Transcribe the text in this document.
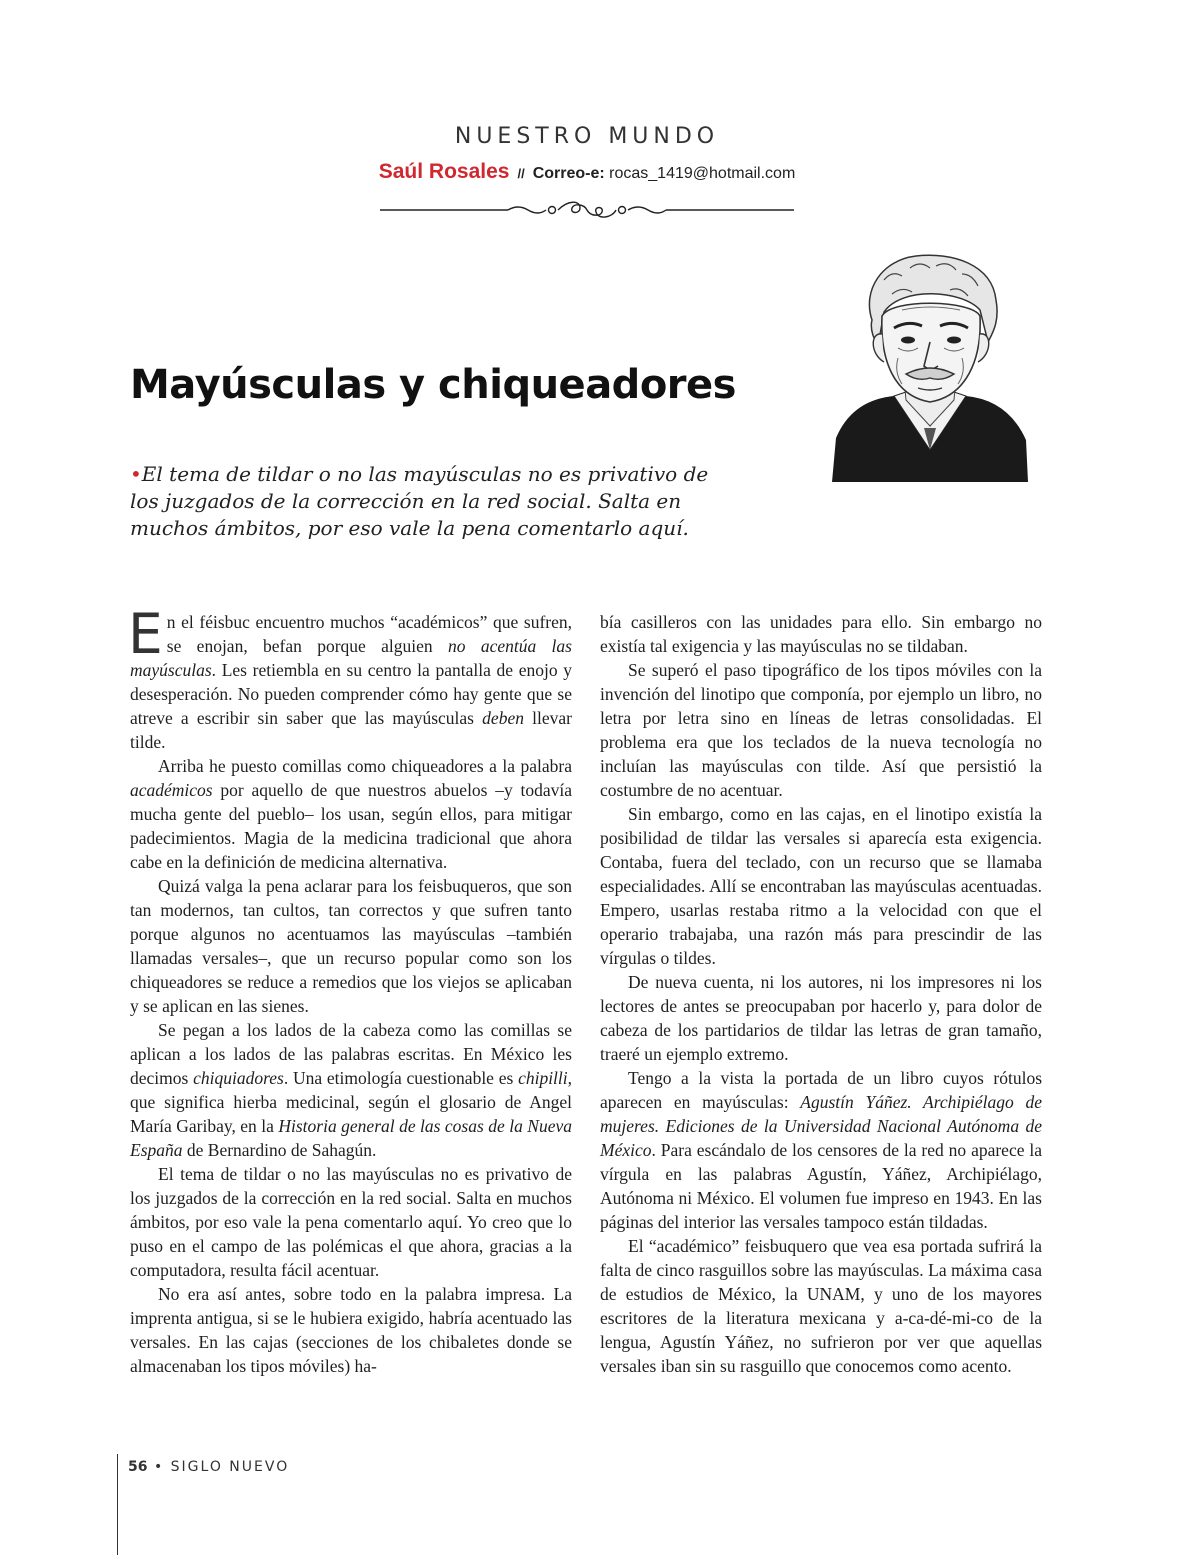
NUESTRO MUNDO
Saúl Rosales // Correo-e: rocas_1419@hotmail.com
Mayúsculas y chiqueadores

•El tema de tildar o no las mayúsculas no es privativo de los juzgados de la corrección en la red social. Salta en muchos ámbitos, por eso vale la pena comentarlo aquí.

En el féisbuc encuentro muchos “académicos” que sufren, se enojan, befan porque alguien no acentúa las mayúsculas. Les retiembla en su centro la pantalla de enojo y desesperación. No pueden comprender cómo hay gente que se atreve a escribir sin saber que las mayúsculas deben llevar tilde.

Arriba he puesto comillas como chiqueadores a la palabra académicos por aquello de que nuestros abuelos –y todavía mucha gente del pueblo– los usan, según ellos, para mitigar padecimientos. Magia de la medicina tradicional que ahora cabe en la definición de medicina alternativa.

Quizá valga la pena aclarar para los feisbuqueros, que son tan modernos, tan cultos, tan correctos y que sufren tanto porque algunos no acentuamos las mayúsculas –también llamadas versales–, que un recurso popular como son los chiqueadores se reduce a remedios que los viejos se aplicaban y se aplican en las sienes.

Se pegan a los lados de la cabeza como las comillas se aplican a los lados de las palabras escritas. En México les decimos chiquiadores. Una etimología cuestionable es chipilli, que significa hierba medicinal, según el glosario de Angel María Garibay, en la Historia general de las cosas de la Nueva España de Bernardino de Sahagún.

El tema de tildar o no las mayúsculas no es privativo de los juzgados de la corrección en la red social. Salta en muchos ámbitos, por eso vale la pena comentarlo aquí. Yo creo que lo puso en el campo de las polémicas el que ahora, gracias a la computadora, resulta fácil acentuar.

No era así antes, sobre todo en la palabra impresa. La imprenta antigua, si se le hubiera exigido, habría acentuado las versales. En las cajas (secciones de los chibaletes donde se almacenaban los tipos móviles) ha-

bía casilleros con las unidades para ello. Sin embargo no existía tal exigencia y las mayúsculas no se tildaban.

Se superó el paso tipográfico de los tipos móviles con la invención del linotipo que componía, por ejemplo un libro, no letra por letra sino en líneas de letras consolidadas. El problema era que los teclados de la nueva tecnología no incluían las mayúsculas con tilde. Así que persistió la costumbre de no acentuar.

Sin embargo, como en las cajas, en el linotipo existía la posibilidad de tildar las versales si aparecía esta exigencia. Contaba, fuera del teclado, con un recurso que se llamaba especialidades. Allí se encontraban las mayúsculas acentuadas. Empero, usarlas restaba ritmo a la velocidad con que el operario trabajaba, una razón más para prescindir de las vírgulas o tildes.

De nueva cuenta, ni los autores, ni los impresores ni los lectores de antes se preocupaban por hacerlo y, para dolor de cabeza de los partidarios de tildar las letras de gran tamaño, traeré un ejemplo extremo.

Tengo a la vista la portada de un libro cuyos rótulos aparecen en mayúsculas: Agustín Yáñez. Archipiélago de mujeres. Ediciones de la Universidad Nacional Autónoma de México. Para escándalo de los censores de la red no aparece la vírgula en las palabras Agustín, Yáñez, Archipiélago, Autónoma ni México. El volumen fue impreso en 1943. En las páginas del interior las versales tampoco están tildadas.

El “académico” feisbuquero que vea esa portada sufrirá la falta de cinco rasguillos sobre las mayúsculas. La máxima casa de estudios de México, la UNAM, y uno de los mayores escritores de la literatura mexicana y a-ca-dé-mi-co de la lengua, Agustín Yáñez, no sufrieron por ver que aquellas versales iban sin su rasguillo que conocemos como acento.

56 • SIGLO NUEVO
